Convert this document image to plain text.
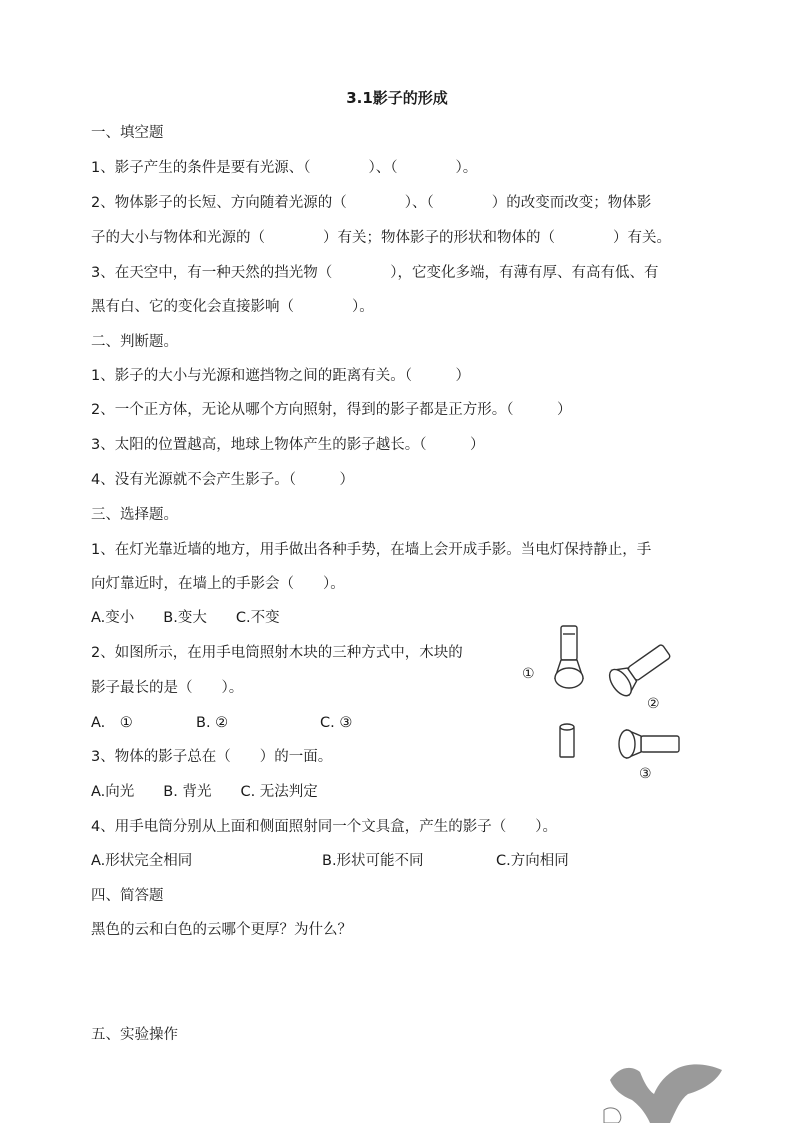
3.1影子的形成
一、填空题
1、影子产生的条件是要有光源、（　　　　）、（　　　　）。
2、物体影子的长短、方向随着光源的（　　　　）、（　　　　）的改变而改变；物体影
子的大小与物体和光源的（　　　　）有关；物体影子的形状和物体的（　　　　）有关。
3、在天空中，有一种天然的挡光物（　　　　），它变化多端，有薄有厚、有高有低、有
黑有白、它的变化会直接影响（　　　　）。
二、判断题。
1、影子的大小与光源和遮挡物之间的距离有关。（　　　）
2、一个正方体，无论从哪个方向照射，得到的影子都是正方形。（　　　）
3、太阳的位置越高，地球上物体产生的影子越长。（　　　）
4、没有光源就不会产生影子。（　　　）
三、选择题。
1、在灯光靠近墙的地方，用手做出各种手势，在墙上会开成手影。当电灯保持静止，手
向灯靠近时，在墙上的手影会（　　）。
A.变小　　B.变大　　C.不变
2、如图所示，在用手电筒照射木块的三种方式中，木块的
影子最长的是（　　）。
A.　①	B. ②	C. ③
3、物体的影子总在（　　）的一面。
A.向光　　B. 背光　　C. 无法判定
4、用手电筒分别从上面和侧面照射同一个文具盒，产生的影子（　　）。
A.形状完全相同	B.形状可能不同	C.方向相同
四、简答题
黑色的云和白色的云哪个更厚？为什么？
五、实验操作
①
②
③
